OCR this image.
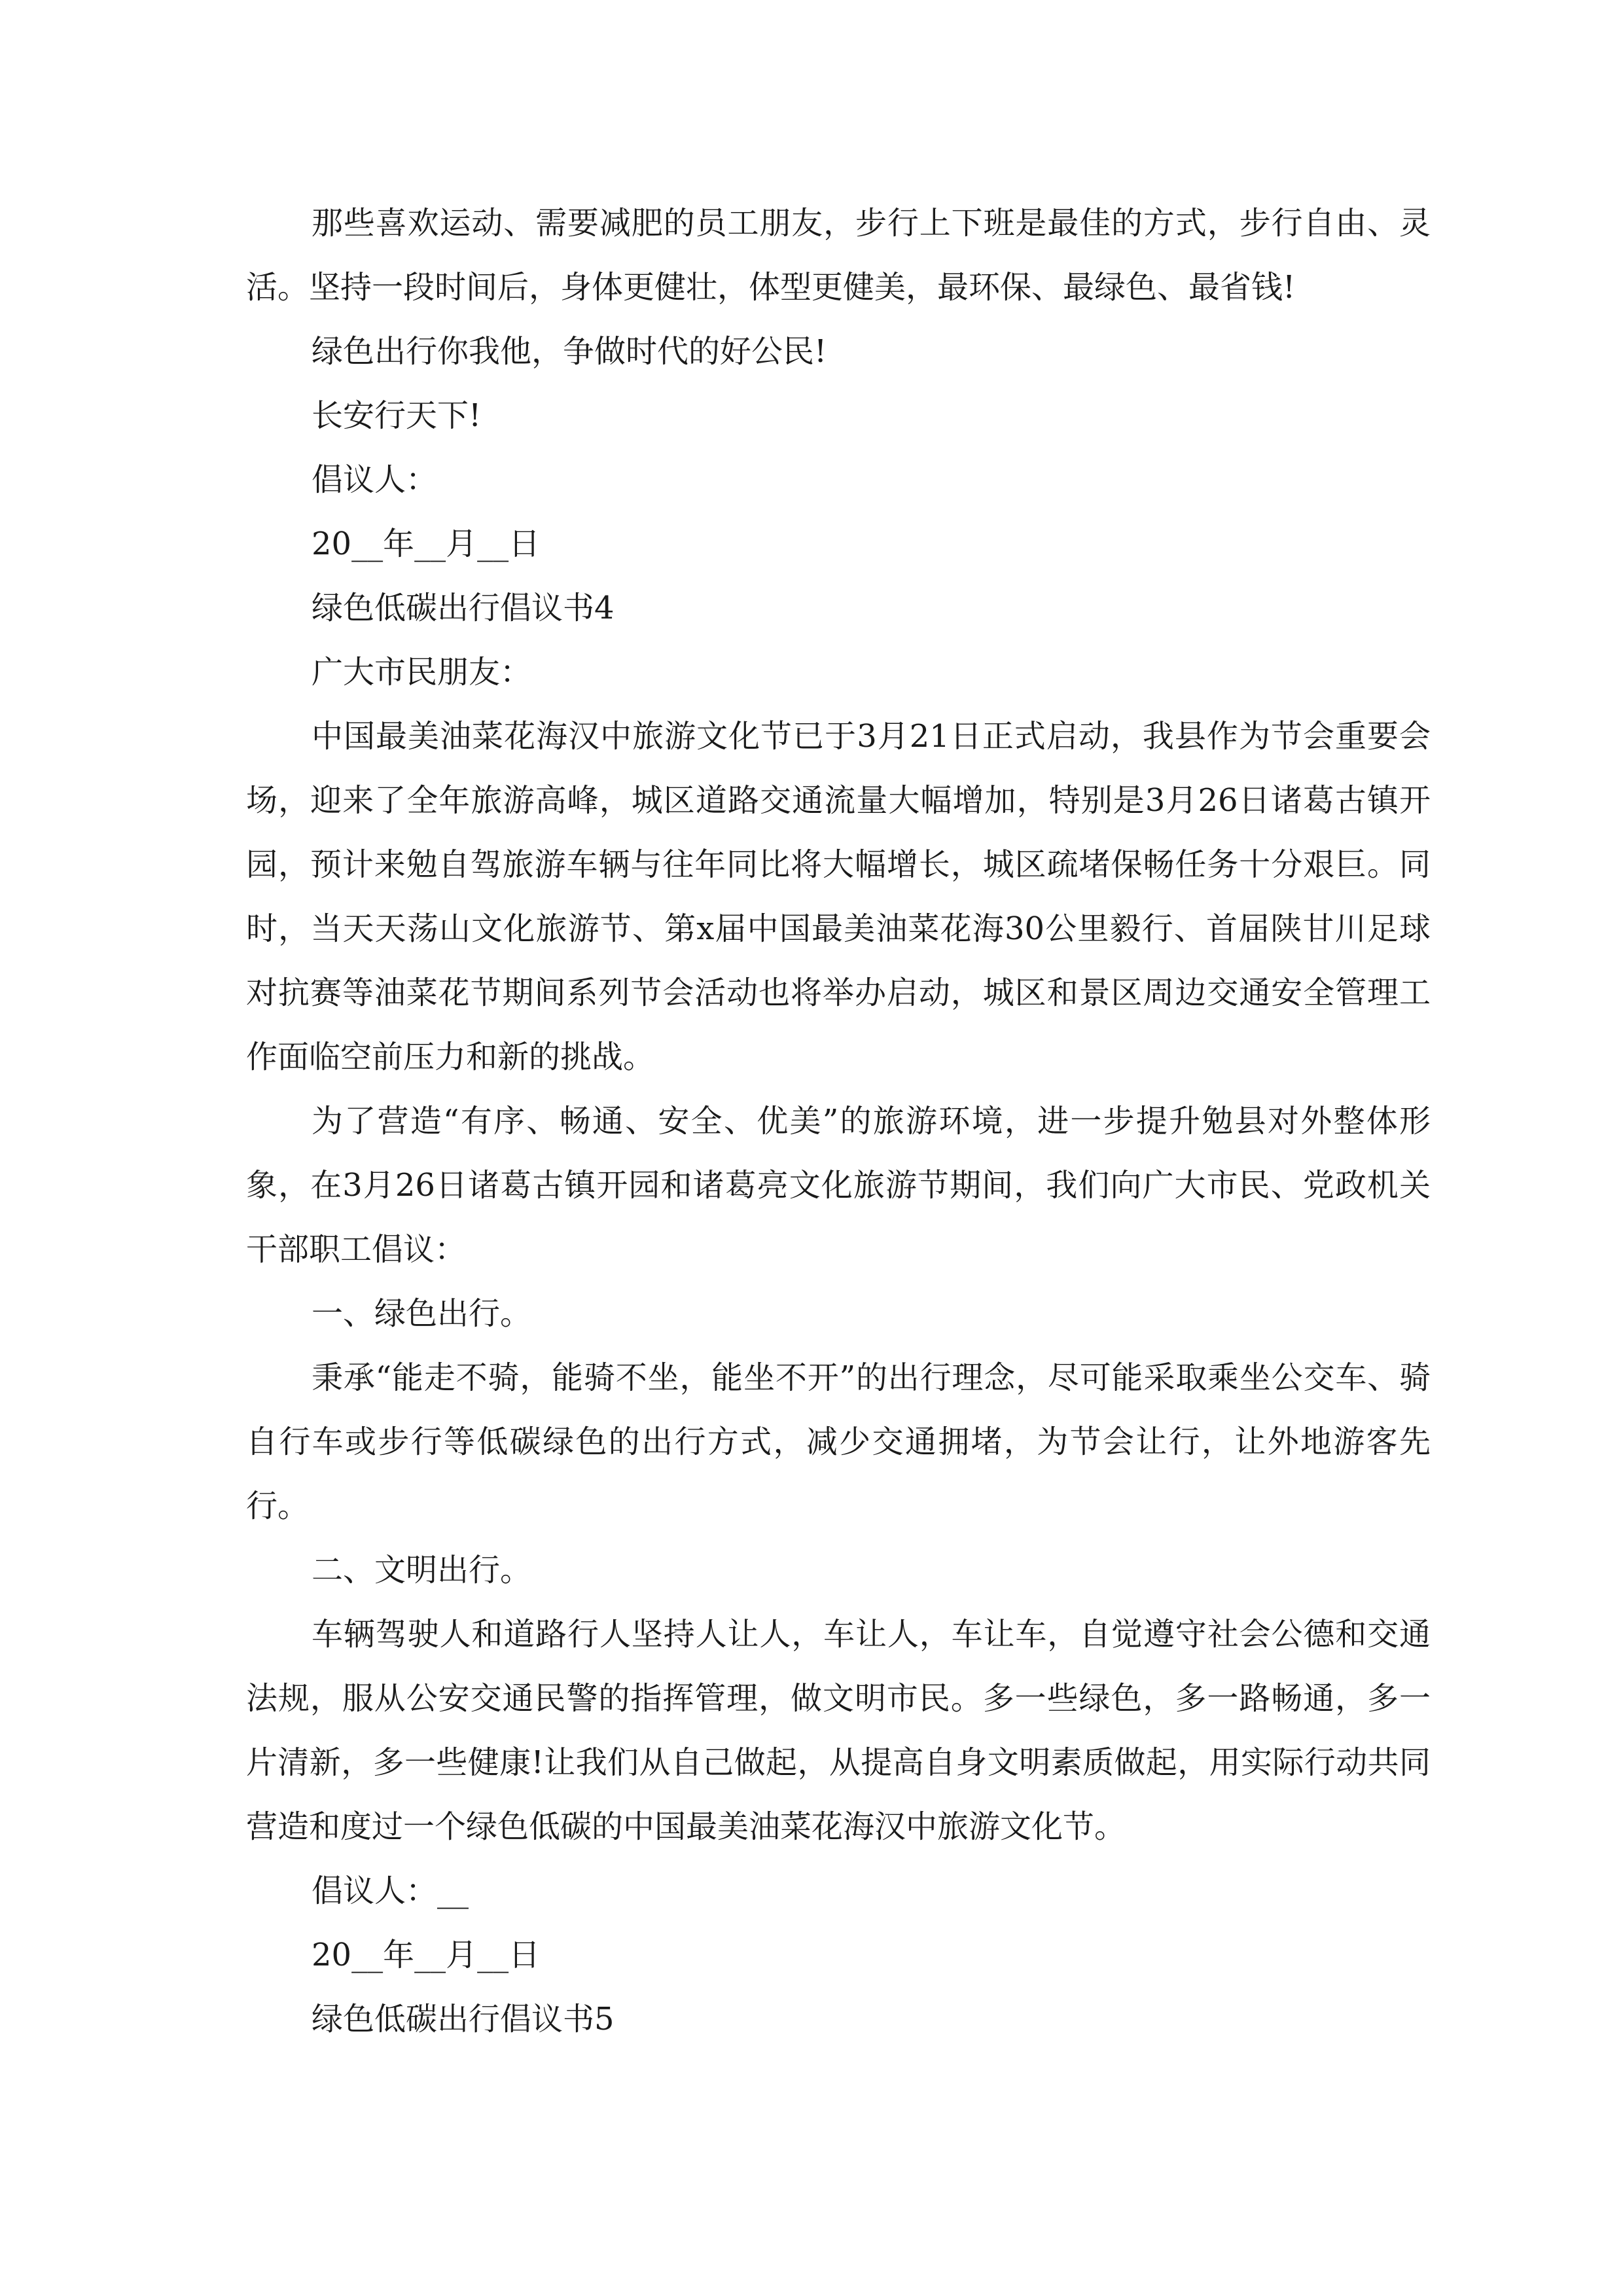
那些喜欢运动、需要减肥的员工朋友，步行上下班是最佳的方式，步行自由、灵活。坚持一段时间后，身体更健壮，体型更健美，最环保、最绿色、最省钱!

绿色出行你我他，争做时代的好公民!

长安行天下!

倡议人：

20__年__月__日

绿色低碳出行倡议书4

广大市民朋友：

中国最美油菜花海汉中旅游文化节已于3月21日正式启动，我县作为节会重要会场，迎来了全年旅游高峰，城区道路交通流量大幅增加，特别是3月26日诸葛古镇开园，预计来勉自驾旅游车辆与往年同比将大幅增长，城区疏堵保畅任务十分艰巨。同时，当天天荡山文化旅游节、第x届中国最美油菜花海30公里毅行、首届陕甘川足球对抗赛等油菜花节期间系列节会活动也将举办启动，城区和景区周边交通安全管理工作面临空前压力和新的挑战。

为了营造“有序、畅通、安全、优美”的旅游环境，进一步提升勉县对外整体形象，在3月26日诸葛古镇开园和诸葛亮文化旅游节期间，我们向广大市民、党政机关干部职工倡议：

一、绿色出行。

秉承“能走不骑，能骑不坐，能坐不开”的出行理念，尽可能采取乘坐公交车、骑自行车或步行等低碳绿色的出行方式，减少交通拥堵，为节会让行，让外地游客先行。

二、文明出行。

车辆驾驶人和道路行人坚持人让人，车让人，车让车，自觉遵守社会公德和交通法规，服从公安交通民警的指挥管理，做文明市民。多一些绿色，多一路畅通，多一片清新，多一些健康!让我们从自己做起，从提高自身文明素质做起，用实际行动共同营造和度过一个绿色低碳的中国最美油菜花海汉中旅游文化节。

倡议人：__

20__年__月__日

绿色低碳出行倡议书5
